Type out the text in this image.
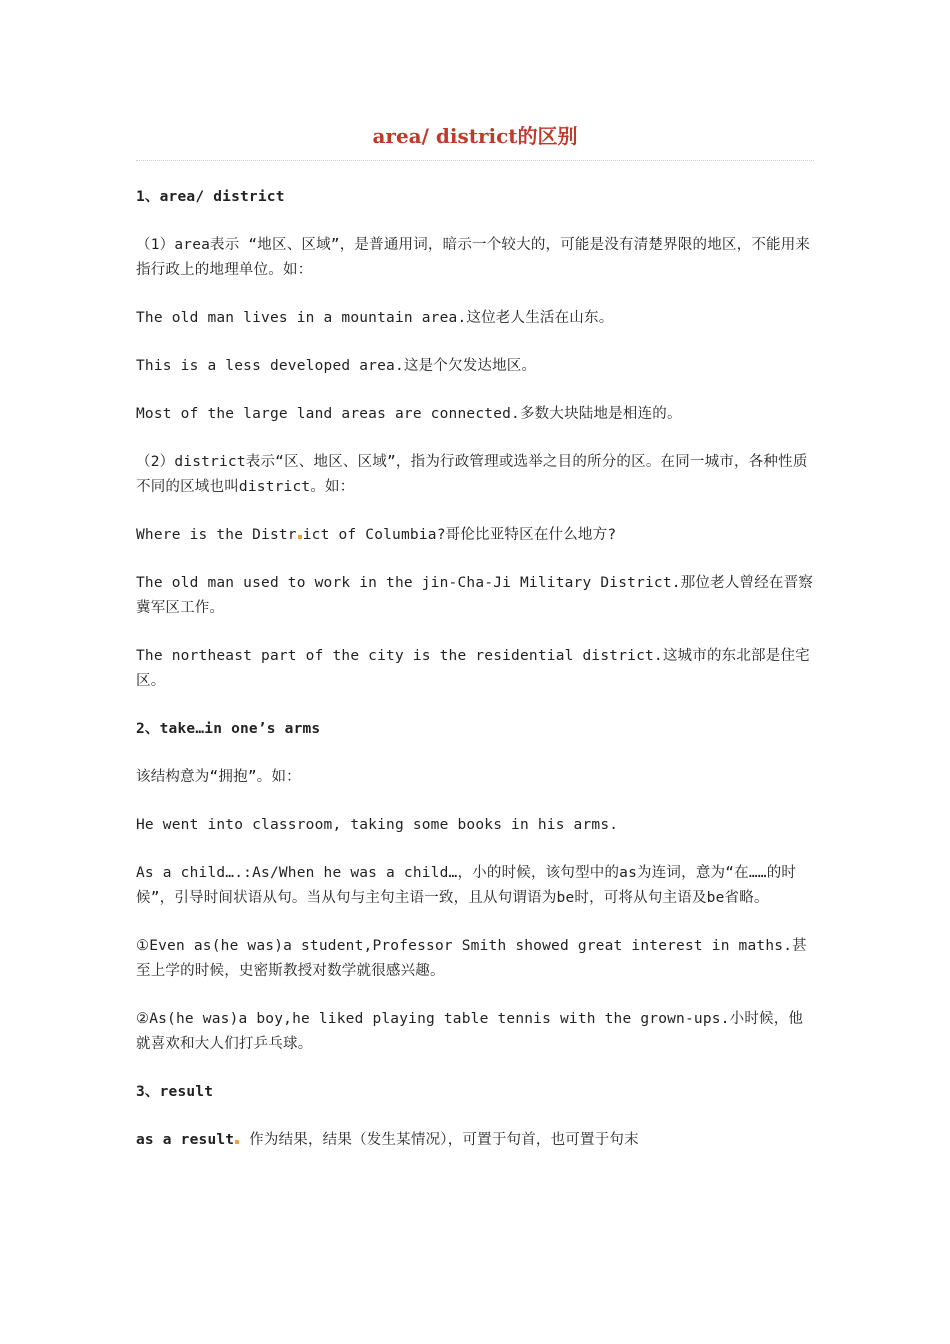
area/ district的区别

1、area/ district

（1）area表示 “地区、区域”，是普通用词，暗示一个较大的，可能是没有清楚界限的地区，不能用来指行政上的地理单位。如：

The old man lives in a mountain area.这位老人生活在山东。

This is a less developed area.这是个欠发达地区。

Most of the large land areas are connected.多数大块陆地是相连的。

（2）district表示“区、地区、区域”，指为行政管理或选举之目的所分的区。在同一城市，各种性质不同的区域也叫district。如：

Where is the Distr ict of Columbia?哥伦比亚特区在什么地方?

The old man used to work in the jin-Cha-Ji Military District.那位老人曾经在晋察冀军区工作。

The northeast part of the city is the residential district.这城市的东北部是住宅区。

2、take…in one’s arms

该结构意为“拥抱”。如：

He went into classroom, taking some books in his arms.

As a child….:As/When he was a child…，小的时候，该句型中的as为连词，意为“在……的时候”，引导时间状语从句。当从句与主句主语一致，且从句谓语为be时，可将从句主语及be省略。

①Even as(he was)a student,Professor Smith showed great interest in maths.甚至上学的时候，史密斯教授对数学就很感兴趣。

②As(he was)a boy,he liked playing table tennis with the grown-ups.小时候，他就喜欢和大人们打乒乓球。

3、result

as a result 作为结果，结果（发生某情况），可置于句首，也可置于句末
